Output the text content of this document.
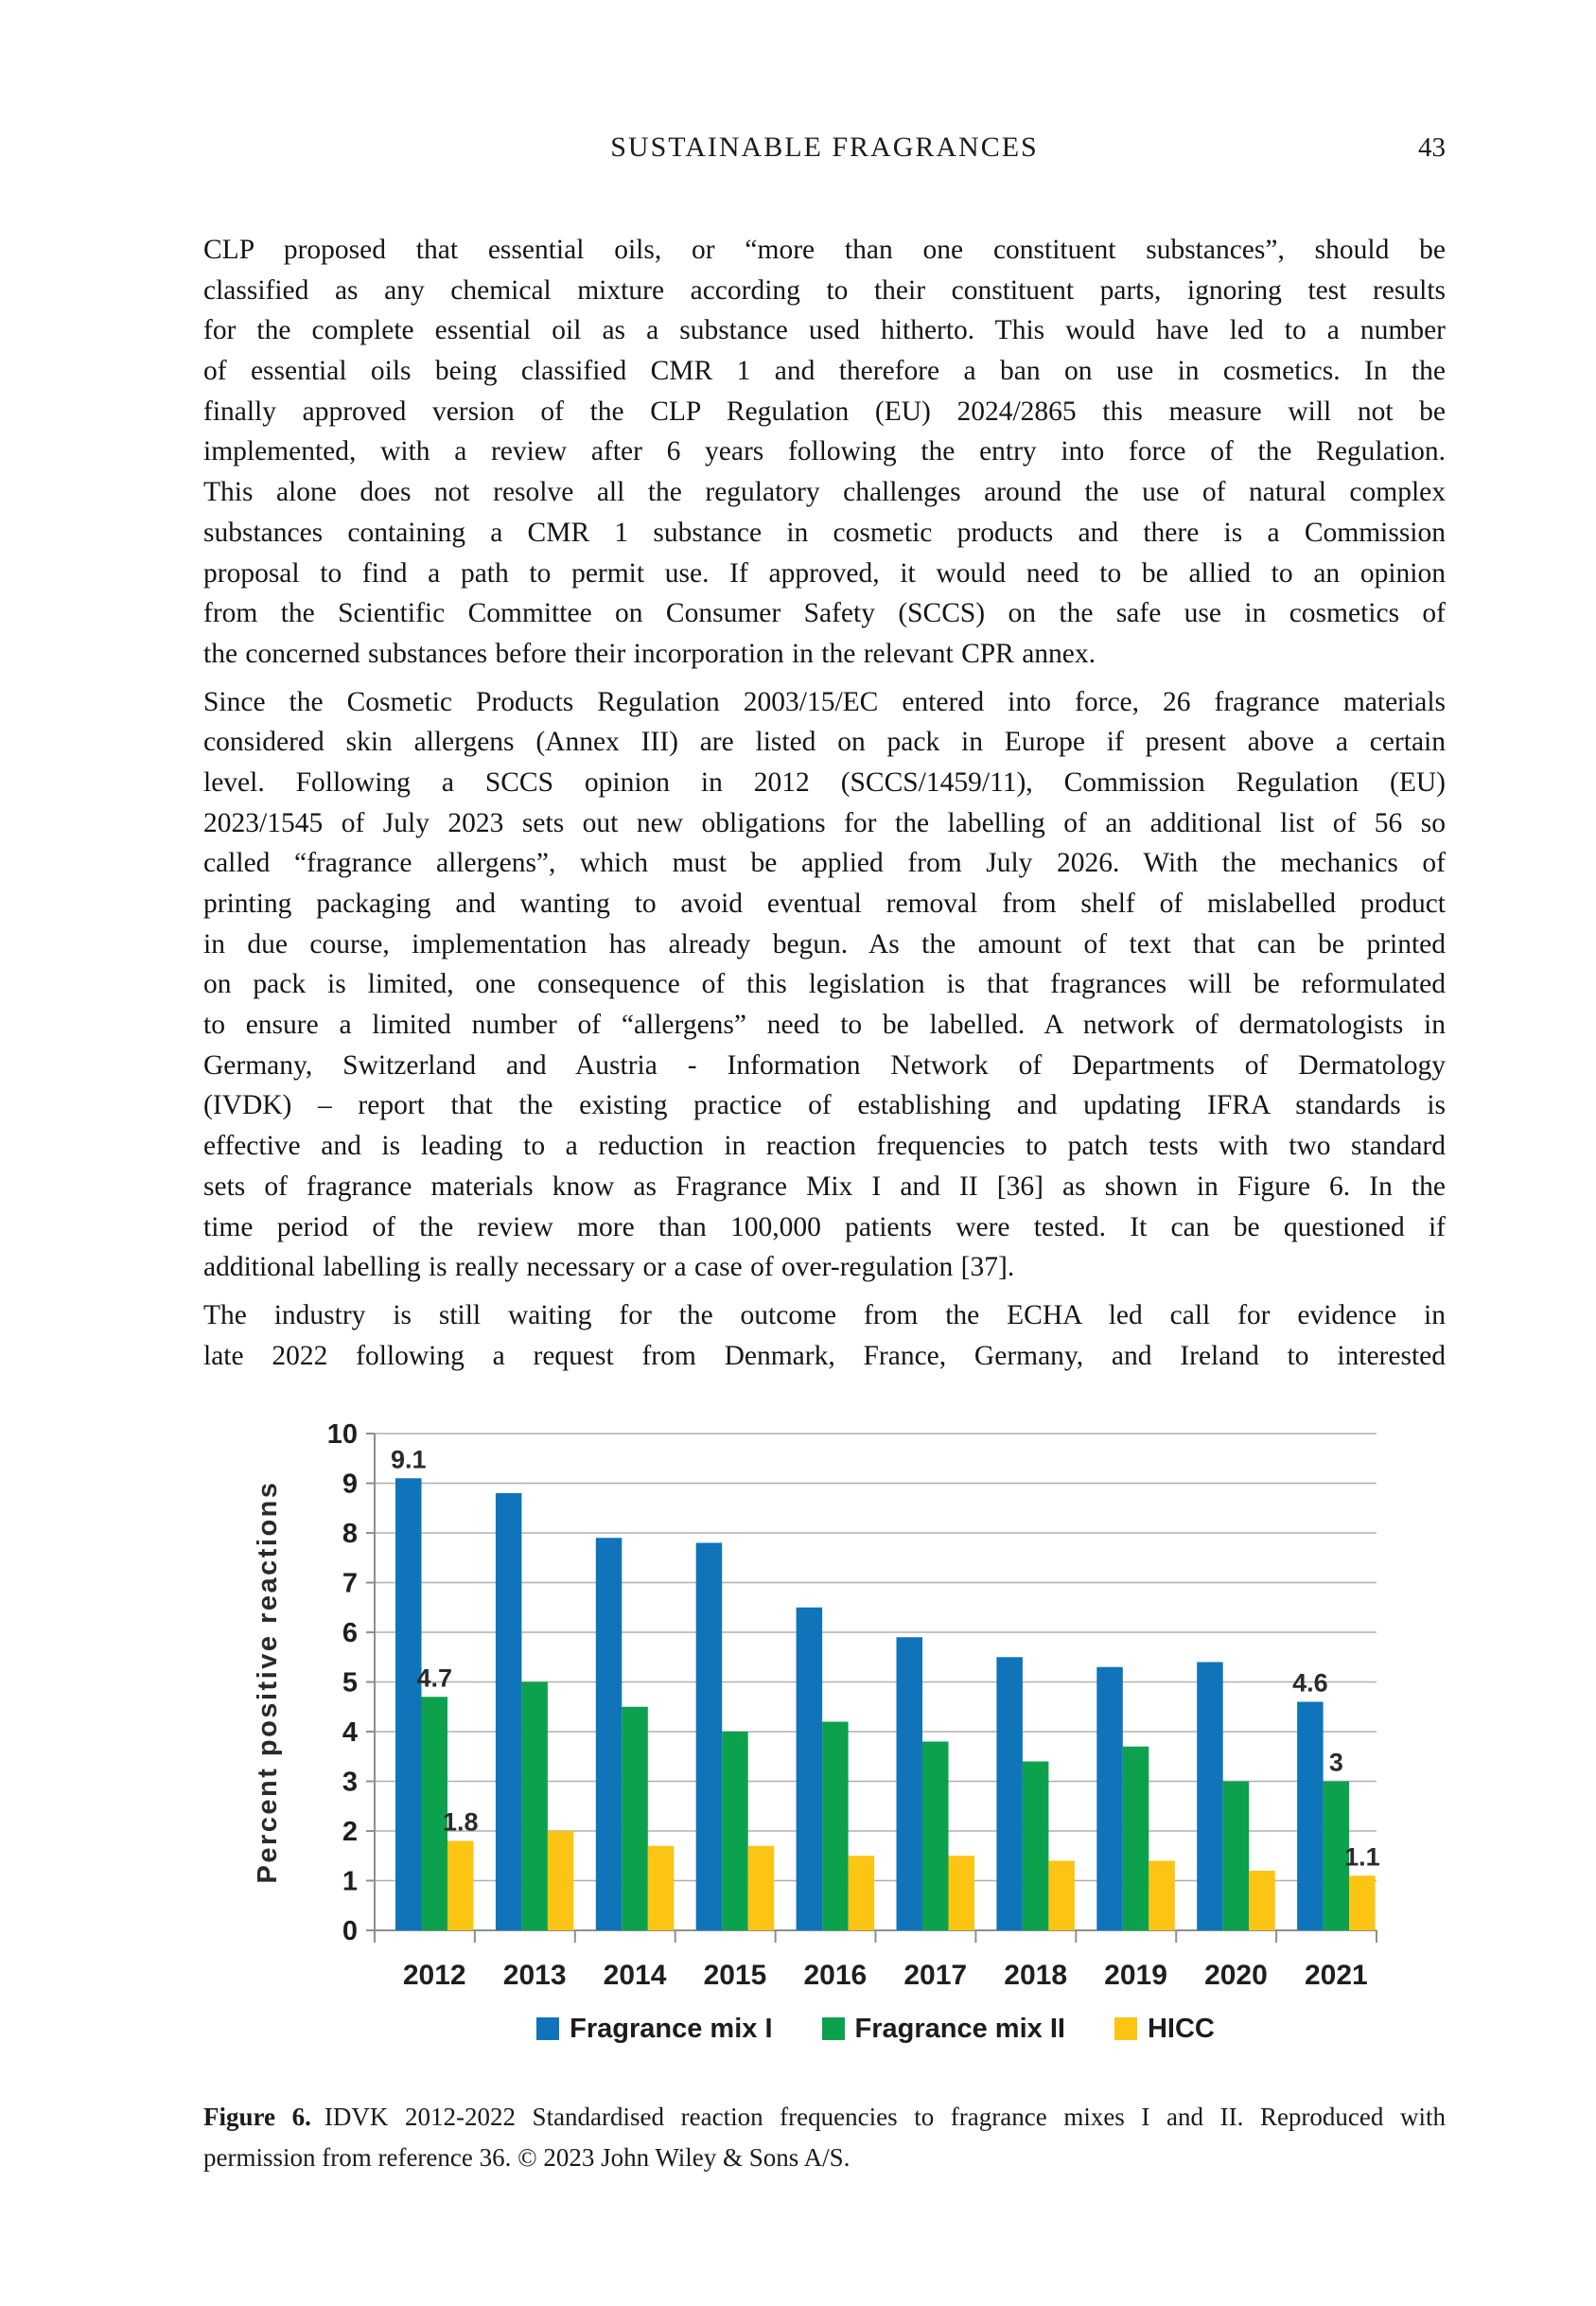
SUSTAINABLE FRAGRANCES	43
CLP proposed that essential oils, or “more than one constituent substances”, should be
classified as any chemical mixture according to their constituent parts, ignoring test results
for the complete essential oil as a substance used hitherto. This would have led to a number
of essential oils being classified CMR 1 and therefore a ban on use in cosmetics. In the
finally approved version of the CLP Regulation (EU) 2024/2865 this measure will not be
implemented, with a review after 6 years following the entry into force of the Regulation.
This alone does not resolve all the regulatory challenges around the use of natural complex
substances containing a CMR 1 substance in cosmetic products and there is a Commission
proposal to find a path to permit use. If approved, it would need to be allied to an opinion
from the Scientific Committee on Consumer Safety (SCCS) on the safe use in cosmetics of
the concerned substances before their incorporation in the relevant CPR annex.
Since the Cosmetic Products Regulation 2003/15/EC entered into force, 26 fragrance materials
considered skin allergens (Annex III) are listed on pack in Europe if present above a certain
level. Following a SCCS opinion in 2012 (SCCS/1459/11), Commission Regulation (EU)
2023/1545 of July 2023 sets out new obligations for the labelling of an additional list of 56 so
called “fragrance allergens”, which must be applied from July 2026. With the mechanics of
printing packaging and wanting to avoid eventual removal from shelf of mislabelled product
in due course, implementation has already begun. As the amount of text that can be printed
on pack is limited, one consequence of this legislation is that fragrances will be reformulated
to ensure a limited number of “allergens” need to be labelled. A network of dermatologists in
Germany, Switzerland and Austria - Information Network of Departments of Dermatology
(IVDK) – report that the existing practice of establishing and updating IFRA standards is
effective and is leading to a reduction in reaction frequencies to patch tests with two standard
sets of fragrance materials know as Fragrance Mix I and II [36] as shown in Figure 6. In the
time period of the review more than 100,000 patients were tested. It can be questioned if
additional labelling is really necessary or a case of over-regulation [37].
The industry is still waiting for the outcome from the ECHA led call for evidence in
late 2022 following a request from Denmark, France, Germany, and Ireland to interested
0
1
2
3
4
5
6
7
8
9
10
9.1
4.6
4.7
3
1.8
1.1
2012 2013 2014 2015 2016 2017 2018 2019 2020 2021
Percent positive reactions
Fragrance mix I	Fragrance mix II	HICC
Figure 6. IDVK 2012-2022 Standardised reaction frequencies to fragrance mixes I and II. Reproduced with
permission from reference 36. © 2023 John Wiley & Sons A/S.
